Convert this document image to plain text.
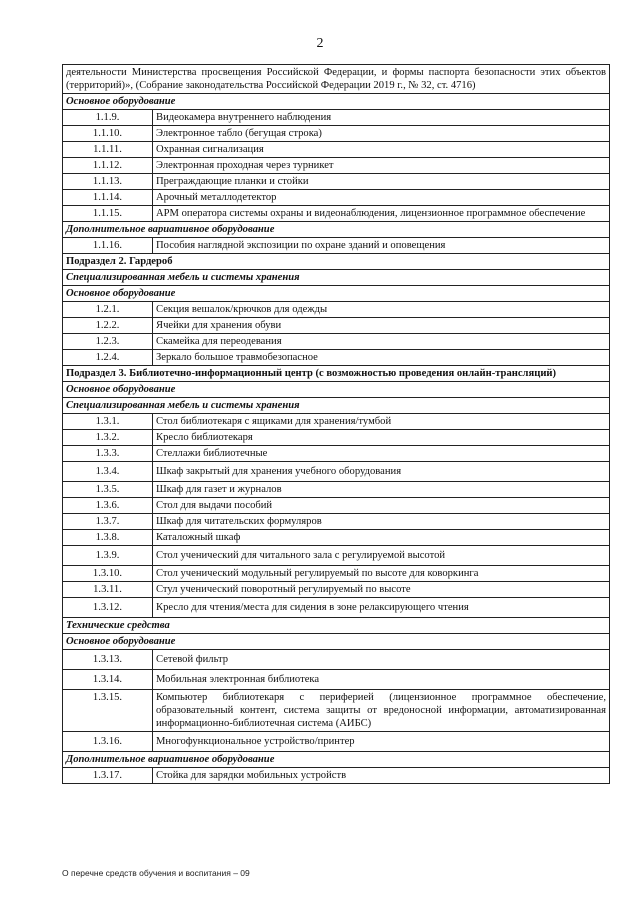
2
деятельности Министерства просвещения Российской Федерации, и формы паспорта безопасности этих объектов (территорий)», (Собрание законодательства Российской Федерации 2019 г., № 32, ст. 4716)	
Основное оборудование	
1.1.9.	Видеокамера внутреннего наблюдения
1.1.10.	Электронное табло (бегущая строка)
1.1.11.	Охранная сигнализация
1.1.12.	Электронная проходная через турникет
1.1.13.	Преграждающие планки и стойки
1.1.14.	Арочный металлодетектор
1.1.15.	АРМ оператора системы охраны и видеонаблюдения, лицензионное программное обеспечение
Дополнительное вариативное оборудование	
1.1.16.	Пособия наглядной экспозиции по охране зданий и оповещения
Подраздел 2. Гардероб	
Специализированная мебель и системы хранения	
Основное оборудование	
1.2.1.	Секция вешалок/крючков для одежды
1.2.2.	Ячейки для хранения обуви
1.2.3.	Скамейка для переодевания
1.2.4.	Зеркало большое травмобезопасное
Подраздел 3. Библиотечно-информационный центр (с возможностью проведения онлайн-трансляций)	
Основное оборудование	
Специализированная мебель и системы хранения	
1.3.1.	Стол библиотекаря с ящиками для хранения/тумбой
1.3.2.	Кресло библиотекаря
1.3.3.	Стеллажи библиотечные
1.3.4.	Шкаф закрытый для хранения учебного оборудования
1.3.5.	Шкаф для газет и журналов
1.3.6.	Стол для выдачи пособий
1.3.7.	Шкаф для читательских формуляров
1.3.8.	Каталожный шкаф
1.3.9.	Стол ученический для читального зала с регулируемой высотой
1.3.10.	Стол ученический модульный регулируемый по высоте для коворкинга
1.3.11.	Стул ученический поворотный регулируемый по высоте
1.3.12.	Кресло для чтения/места для сидения в зоне релаксирующего чтения
Технические средства	
Основное оборудование	
1.3.13.	Сетевой фильтр
1.3.14.	Мобильная электронная библиотека
1.3.15.	Компьютер библиотекаря с периферией (лицензионное программное обеспечение, образовательный контент, система защиты от вредоносной информации, автоматизированная информационно-библиотечная система (АИБС)
1.3.16.	Многофункциональное устройство/принтер
Дополнительное вариативное оборудование	
1.3.17.	Стойка для зарядки мобильных устройств
О перечне средств обучения и воспитания – 09
